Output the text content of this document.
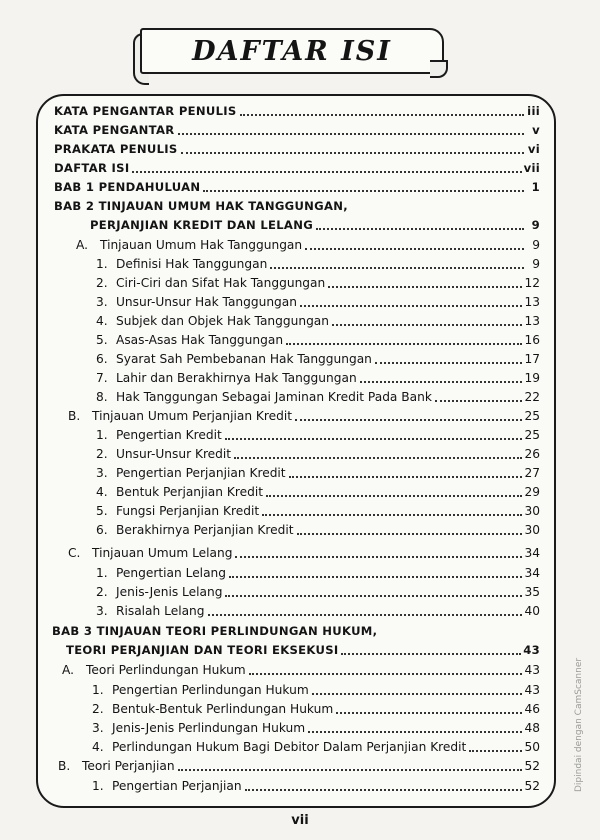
DAFTAR ISI
KATA PENGANTAR PENULIS	iii
KATA PENGANTAR	v
PRAKATA PENULIS	vi
DAFTAR ISI	vii
BAB 1 PENDAHULUAN	1
BAB 2 TINJAUAN UMUM HAK TANGGUNGAN,
PERJANJIAN KREDIT DAN LELANG	9
A. Tinjauan Umum Hak Tanggungan	9
1. Definisi Hak Tanggungan	9
2. Ciri-Ciri dan Sifat Hak Tanggungan	12
3. Unsur-Unsur Hak Tanggungan	13
4. Subjek dan Objek Hak Tanggungan	13
5. Asas-Asas Hak Tanggungan	16
6. Syarat Sah Pembebanan Hak Tanggungan	17
7. Lahir dan Berakhirnya Hak Tanggungan	19
8. Hak Tanggungan Sebagai Jaminan Kredit Pada Bank	22
B. Tinjauan Umum Perjanjian Kredit	25
1. Pengertian Kredit	25
2. Unsur-Unsur Kredit	26
3. Pengertian Perjanjian Kredit	27
4. Bentuk Perjanjian Kredit	29
5. Fungsi Perjanjian Kredit	30
6. Berakhirnya Perjanjian Kredit	30
C. Tinjauan Umum Lelang	34
1. Pengertian Lelang	34
2. Jenis-Jenis Lelang	35
3. Risalah Lelang	40
BAB 3 TINJAUAN TEORI PERLINDUNGAN HUKUM,
TEORI PERJANJIAN DAN TEORI EKSEKUSI	43
A. Teori Perlindungan Hukum	43
1. Pengertian Perlindungan Hukum	43
2. Bentuk-Bentuk Perlindungan Hukum	46
3. Jenis-Jenis Perlindungan Hukum	48
4. Perlindungan Hukum Bagi Debitor Dalam Perjanjian Kredit	50
B. Teori Perjanjian	52
1. Pengertian Perjanjian	52
vii
Dipindai dengan CamScanner
